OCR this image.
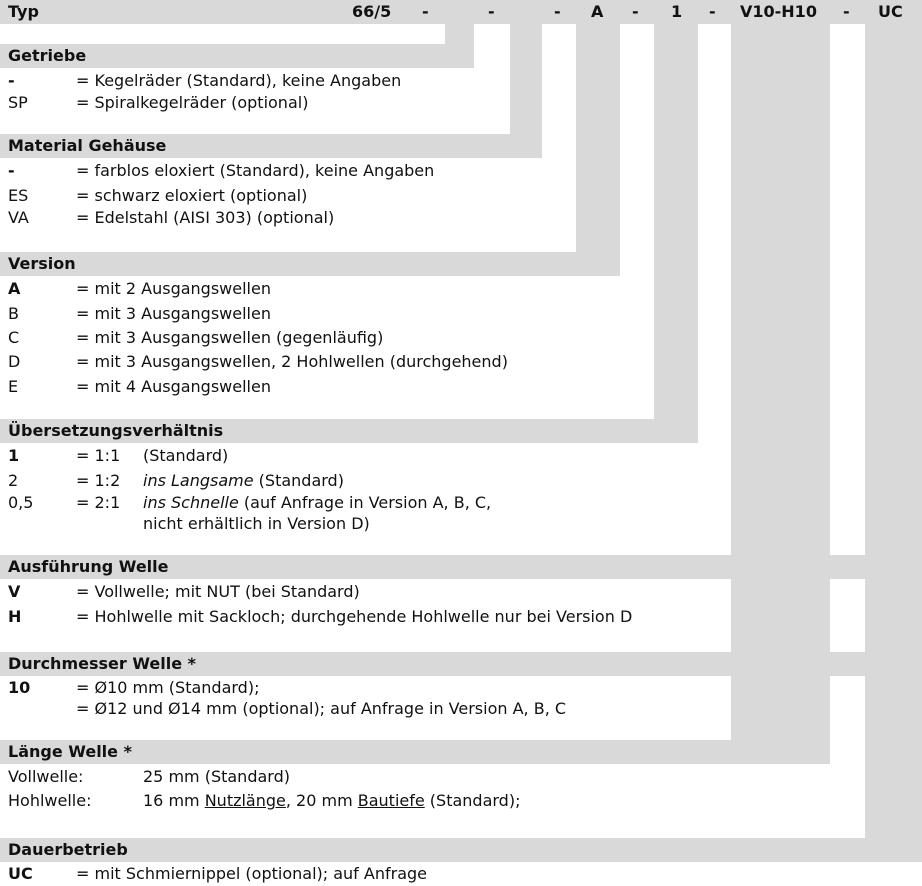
Typ	66/5 -	-	- A - 1 - V10-H10 - UC
Getriebe
-	= Kegelräder (Standard), keine Angaben
SP	= Spiralkegelräder (optional)
Material Gehäuse
-	= farblos eloxiert (Standard), keine Angaben
ES	= schwarz eloxiert (optional)
VA	= Edelstahl (AISI 303) (optional)
Version
A	= mit 2 Ausgangswellen
B	= mit 3 Ausgangswellen
C	= mit 3 Ausgangswellen (gegenläufig)
D	= mit 3 Ausgangswellen, 2 Hohlwellen (durchgehend)
E	= mit 4 Ausgangswellen
Übersetzungsverhältnis
1	= 1:1 (Standard)
2	= 1:2 ins Langsame (Standard)
0,5	= 2:1 ins Schnelle (auf Anfrage in Version A, B, C,
nicht erhältlich in Version D)
Ausführung Welle
V	= Vollwelle; mit NUT (bei Standard)
H	= Hohlwelle mit Sackloch; durchgehende Hohlwelle nur bei Version D
Durchmesser Welle *
10	= Ø10 mm (Standard);
= Ø12 und Ø14 mm (optional); auf Anfrage in Version A, B, C
Länge Welle *
Vollwelle:	25 mm (Standard)
Hohlwelle:	16 mm Nutzlänge, 20 mm Bautiefe (Standard);
Dauerbetrieb
UC	= mit Schmiernippel (optional); auf Anfrage
